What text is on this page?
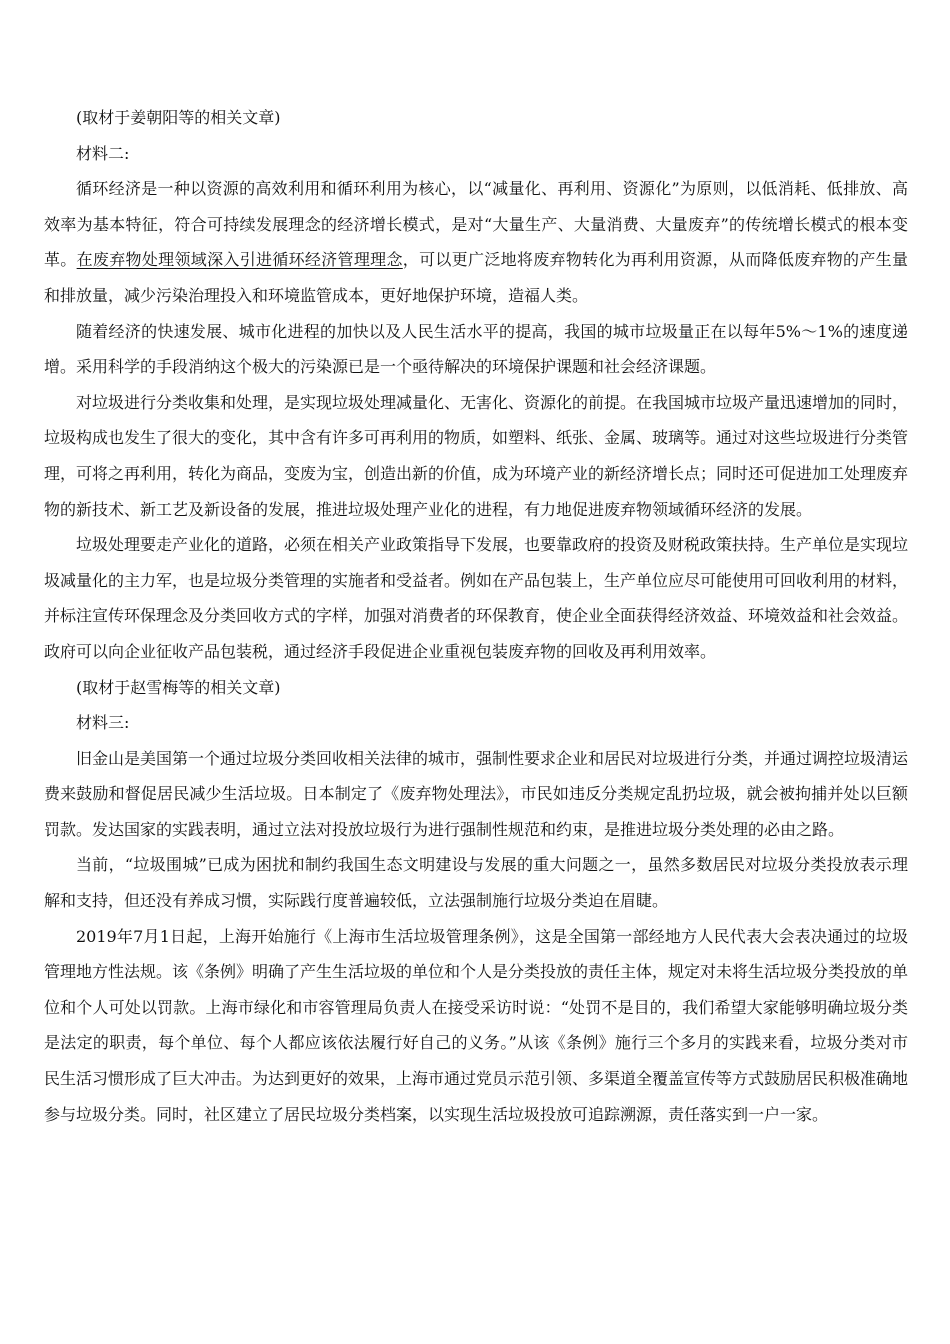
(取材于姜朝阳等的相关文章)

材料二:

循环经济是一种以资源的高效利用和循环利用为核心，以“减量化、再利用、资源化”为原则，以低消耗、低排放、高效率为基本特征，符合可持续发展理念的经济增长模式，是对“大量生产、大量消费、大量废弃”的传统增长模式的根本变革。在废弃物处理领域深入引进循环经济管理理念，可以更广泛地将废弃物转化为再利用资源，从而降低废弃物的产生量和排放量，减少污染治理投入和环境监管成本，更好地保护环境，造福人类。

随着经济的快速发展、城市化进程的加快以及人民生活水平的提高，我国的城市垃圾量正在以每年5%～1%的速度递增。采用科学的手段消纳这个极大的污染源已是一个亟待解决的环境保护课题和社会经济课题。

对垃圾进行分类收集和处理，是实现垃圾处理减量化、无害化、资源化的前提。在我国城市垃圾产量迅速增加的同时，垃圾构成也发生了很大的变化，其中含有许多可再利用的物质，如塑料、纸张、金属、玻璃等。通过对这些垃圾进行分类管理，可将之再利用，转化为商品，变废为宝，创造出新的价值，成为环境产业的新经济增长点；同时还可促进加工处理废弃物的新技术、新工艺及新设备的发展，推进垃圾处理产业化的进程，有力地促进废弃物领域循环经济的发展。

垃圾处理要走产业化的道路，必须在相关产业政策指导下发展，也要靠政府的投资及财税政策扶持。生产单位是实现垃圾减量化的主力军，也是垃圾分类管理的实施者和受益者。例如在产品包装上，生产单位应尽可能使用可回收利用的材料，并标注宣传环保理念及分类回收方式的字样，加强对消费者的环保教育，使企业全面获得经济效益、环境效益和社会效益。政府可以向企业征收产品包装税，通过经济手段促进企业重视包装废弃物的回收及再利用效率。

(取材于赵雪梅等的相关文章)

材料三:

旧金山是美国第一个通过垃圾分类回收相关法律的城市，强制性要求企业和居民对垃圾进行分类，并通过调控垃圾清运费来鼓励和督促居民减少生活垃圾。日本制定了《废弃物处理法》，市民如违反分类规定乱扔垃圾，就会被拘捕并处以巨额罚款。发达国家的实践表明，通过立法对投放垃圾行为进行强制性规范和约束，是推进垃圾分类处理的必由之路。

当前，“垃圾围城”已成为困扰和制约我国生态文明建设与发展的重大问题之一，虽然多数居民对垃圾分类投放表示理解和支持，但还没有养成习惯，实际践行度普遍较低，立法强制施行垃圾分类迫在眉睫。

2019年7月1日起，上海开始施行《上海市生活垃圾管理条例》，这是全国第一部经地方人民代表大会表决通过的垃圾管理地方性法规。该《条例》明确了产生生活垃圾的单位和个人是分类投放的责任主体，规定对未将生活垃圾分类投放的单位和个人可处以罚款。上海市绿化和市容管理局负责人在接受采访时说：“处罚不是目的，我们希望大家能够明确垃圾分类是法定的职责，每个单位、每个人都应该依法履行好自己的义务。”从该《条例》施行三个多月的实践来看，垃圾分类对市民生活习惯形成了巨大冲击。为达到更好的效果，上海市通过党员示范引领、多渠道全覆盖宣传等方式鼓励居民积极准确地参与垃圾分类。同时，社区建立了居民垃圾分类档案，以实现生活垃圾投放可追踪溯源，责任落实到一户一家。
